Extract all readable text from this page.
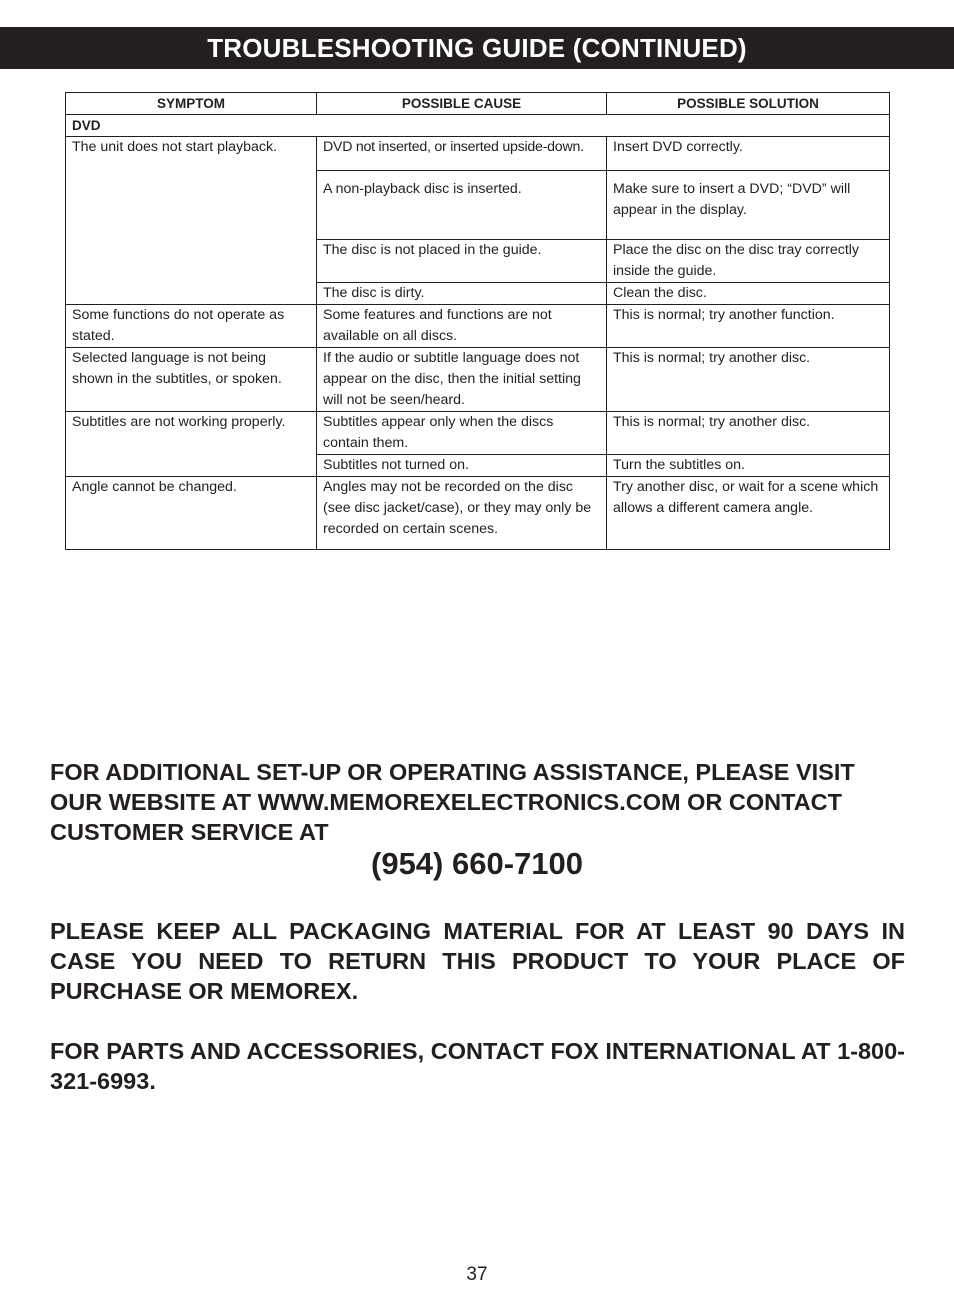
TROUBLESHOOTING GUIDE (CONTINUED)
SYMPTOM	POSSIBLE CAUSE	POSSIBLE SOLUTION
DVD		
The unit does not start playback.	DVD not inserted, or inserted upside-down.	Insert DVD correctly.
	A non-playback disc is inserted.	Make sure to insert a DVD; “DVD” will appear in the display.
	The disc is not placed in the guide.	Place the disc on the disc tray correctly inside the guide.
	The disc is dirty.	Clean the disc.
Some functions do not operate as stated.	Some features and functions are not available on all discs.	This is normal; try another function.
Selected language is not being shown in the subtitles, or spoken.	If the audio or subtitle language does not appear on the disc, then the initial setting will not be seen/heard.	This is normal; try another disc.
Subtitles are not working properly.	Subtitles appear only when the discs contain them.	This is normal; try another disc.
	Subtitles not turned on.	Turn the subtitles on.
Angle cannot be changed.	Angles may not be recorded on the disc (see disc jacket/case), or they may only be recorded on certain scenes.	Try another disc, or wait for a scene which allows a different camera angle.

FOR ADDITIONAL SET-UP OR OPERATING ASSISTANCE, PLEASE VISIT OUR WEBSITE AT WWW.MEMOREXELECTRONICS.COM OR CONTACT CUSTOMER SERVICE AT

(954) 660-7100

PLEASE KEEP ALL PACKAGING MATERIAL FOR AT LEAST 90 DAYS IN CASE YOU NEED TO RETURN THIS PRODUCT TO YOUR PLACE OF PURCHASE OR MEMOREX.

FOR PARTS AND ACCESSORIES, CONTACT FOX INTERNATIONAL AT 1-800-321-6993.

37
